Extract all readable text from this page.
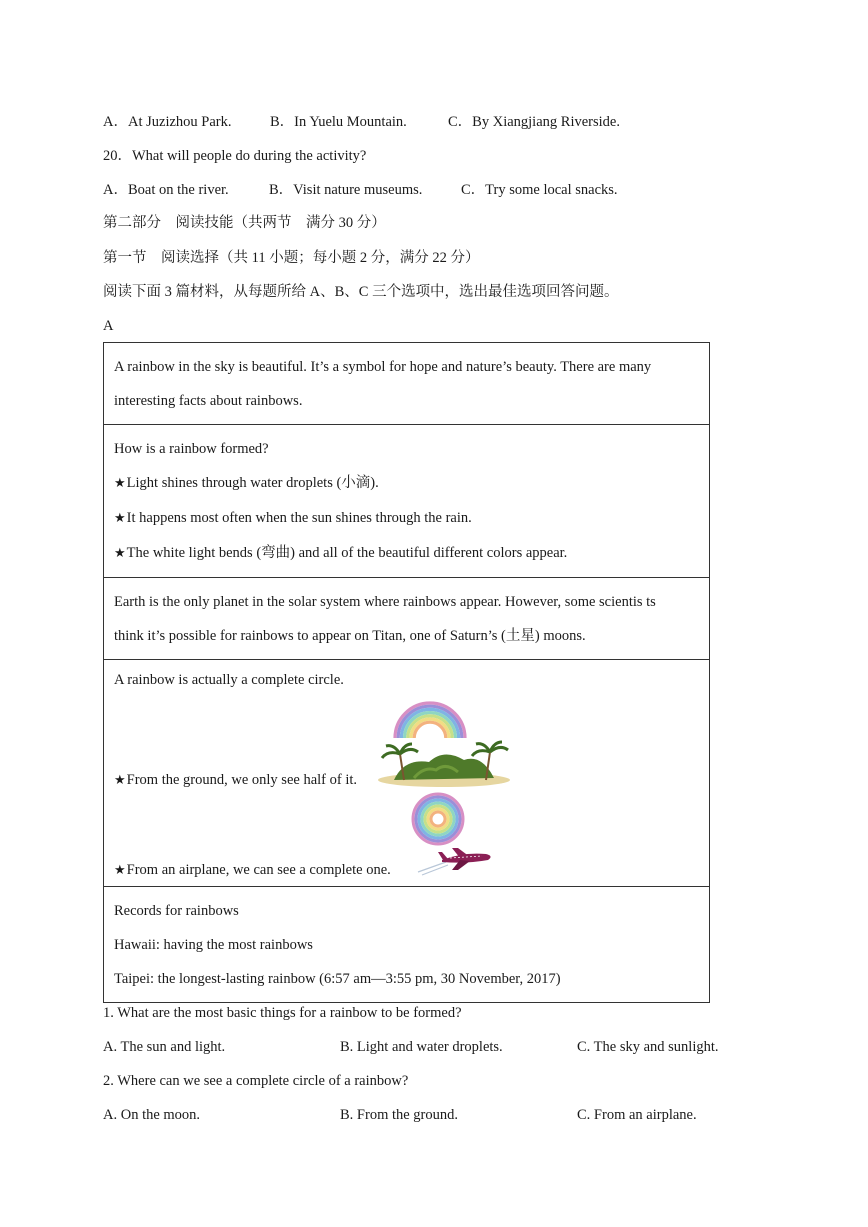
A．At Juzizhou Park.	B．In Yuelu Mountain.	C．By Xiangjiang Riverside.
20．What will people do during the activity?
A．Boat on the river.	B．Visit nature museums.	C．Try some local snacks.
第二部分　阅读技能（共两节　满分 30 分）
第一节　阅读选择（共 11 小题；每小题 2 分，满分 22 分）
阅读下面 3 篇材料，从每题所给 A、B、C 三个选项中，选出最佳选项回答问题。
A
A rainbow in the sky is beautiful. It’s a symbol for hope and nature’s beauty. There are many
interesting facts about rainbows.

How is a rainbow formed?
★Light shines through water droplets (小滴).
★It happens most often when the sun shines through the rain.
★The white light bends (弯曲) and all of the beautiful different colors appear.

Earth is the only planet in the solar system where rainbows appear. However, some scientis ts
think it’s possible for rainbows to appear on Titan, one of Saturn’s (土星) moons.

A rainbow is actually a complete circle.
★From the ground, we only see half of it.
★From an airplane, we can see a complete one.

Records for rainbows
Hawaii: having the most rainbows
Taipei: the longest-lasting rainbow (6:57 am—3:55 pm, 30 November, 2017)
1. What are the most basic things for a rainbow to be formed?
A. The sun and light.	B. Light and water droplets.	C. The sky and sunlight.
2. Where can we see a complete circle of a rainbow?
A. On the moon.	B. From the ground.	C. From an airplane.
